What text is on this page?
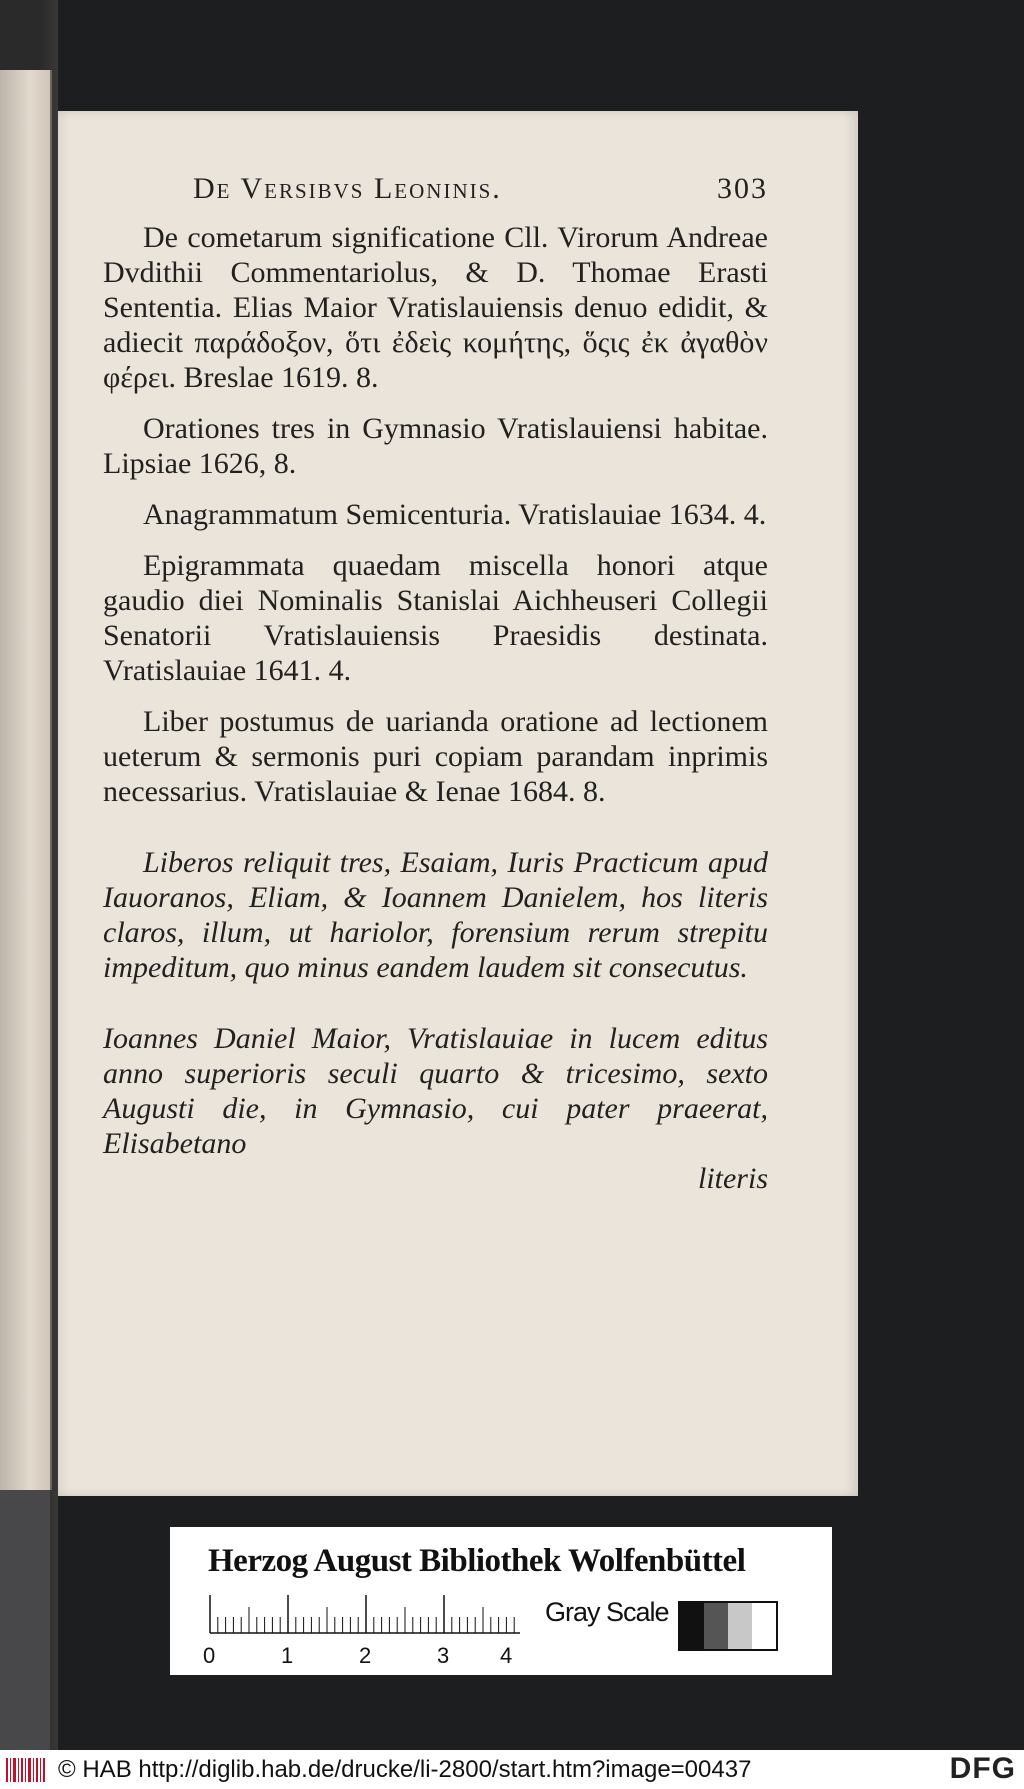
De Versibvs Leoninis.	303

De cometarum significatione Cll. Virorum Andreae Dvdithii Commentariolus, & D. Thomae Erasti Sententia. Elias Maior Vratislauiensis denuo edidit, & adiecit παράδοξον, ὅτι ἐδεὶς κομήτης, ὅςις ἐκ ἀγαθὸν φέρει. Breslae 1619. 8.

Orationes tres in Gymnasio Vratislauiensi habitae. Lipsiae 1626, 8.

Anagrammatum Semicenturia. Vratislauiae 1634. 4.

Epigrammata quaedam miscella honori atque gaudio diei Nominalis Stanislai Aichheuseri Collegii Senatorii Vratislauiensis Praesidis destinata. Vratislauiae 1641. 4.

Liber postumus de uarianda oratione ad lectionem ueterum & sermonis puri copiam parandam inprimis necessarius. Vratislauiae & Ienae 1684. 8.

Liberos reliquit tres, Esaiam, Iuris Practicum apud Iauoranos, Eliam, & Ioannem Danielem, hos literis claros, illum, ut hariolor, forensium rerum strepitu impeditum, quo minus eandem laudem sit consecutus.

Ioannes Daniel Maior, Vratislauiae in lucem editus anno superioris seculi quarto & tricesimo, sexto Augusti die, in Gymnasio, cui pater praeerat, Elisabetano

literis
Herzog August Bibliothek Wolfenbüttel
0	1	2	3 4
Gray Scale
© HAB http://diglib.hab.de/drucke/li-2800/start.htm?image=00437	DFG
